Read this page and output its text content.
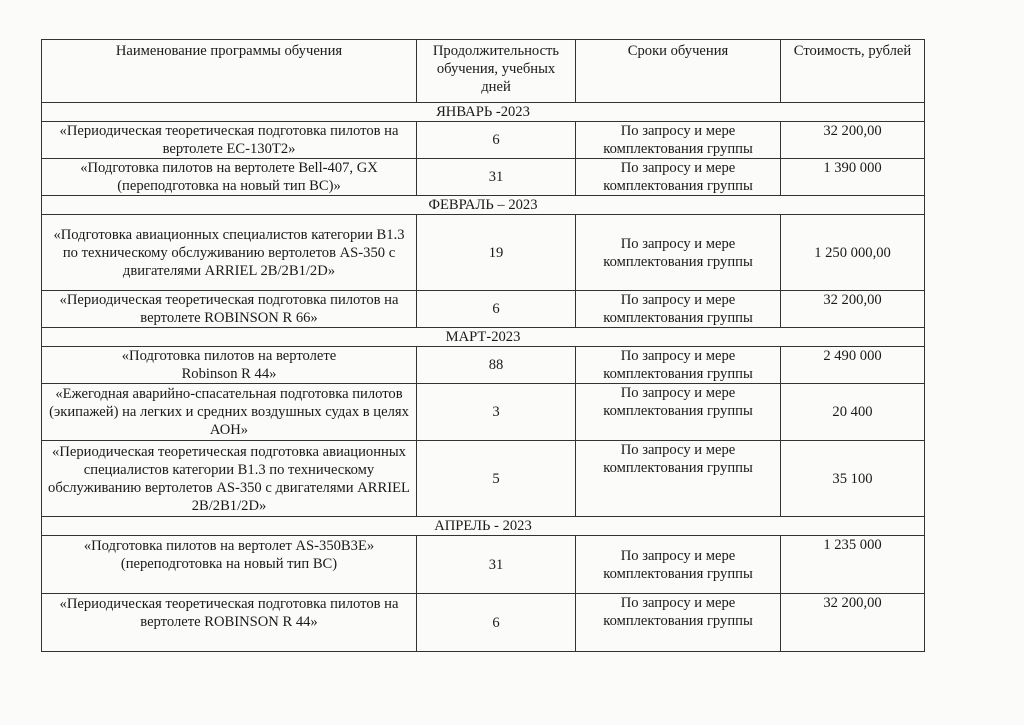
Наименование программы обучения	Продолжительность обучения, учебных дней	Сроки обучения	Стоимость, рублей
ЯНВАРЬ -2023			
«Периодическая теоретическая подготовка пилотов на вертолете ЕС-130Т2»	6	По запросу и мере комплектования группы	32 200,00
«Подготовка пилотов на вертолете Bell-407, GX (переподготовка на новый тип ВС)»	31	По запросу и мере комплектования группы	1 390 000
ФЕВРАЛЬ – 2023			
«Подготовка авиационных специалистов категории В1.3 по техническому обслуживанию вертолетов AS-350 с двигателями ARRIEL 2В/2В1/2D»	19	По запросу и мере комплектования группы	1 250 000,00
«Периодическая теоретическая подготовка пилотов на вертолете ROBINSON R 66»	6	По запросу и мере комплектования группы	32 200,00
МАРТ-2023			
«Подготовка пилотов на вертолете Robinson R 44»	88	По запросу и мере комплектования группы	2 490 000
«Ежегодная аварийно-спасательная подготовка пилотов (экипажей) на легких и средних воздушных судах в целях АОН»	3	По запросу и мере комплектования группы	20 400
«Периодическая теоретическая подготовка авиационных специалистов категории В1.3 по техническому обслуживанию вертолетов AS-350 с двигателями ARRIEL 2В/2В1/2D»	5	По запросу и мере комплектования группы	35 100
АПРЕЛЬ - 2023			
«Подготовка пилотов на вертолет AS-350В3Е» (переподготовка на новый тип ВС)	31	По запросу и мере комплектования группы	1 235 000
«Периодическая теоретическая подготовка пилотов на вертолете ROBINSON R 44»	6	По запросу и мере комплектования группы	32 200,00
